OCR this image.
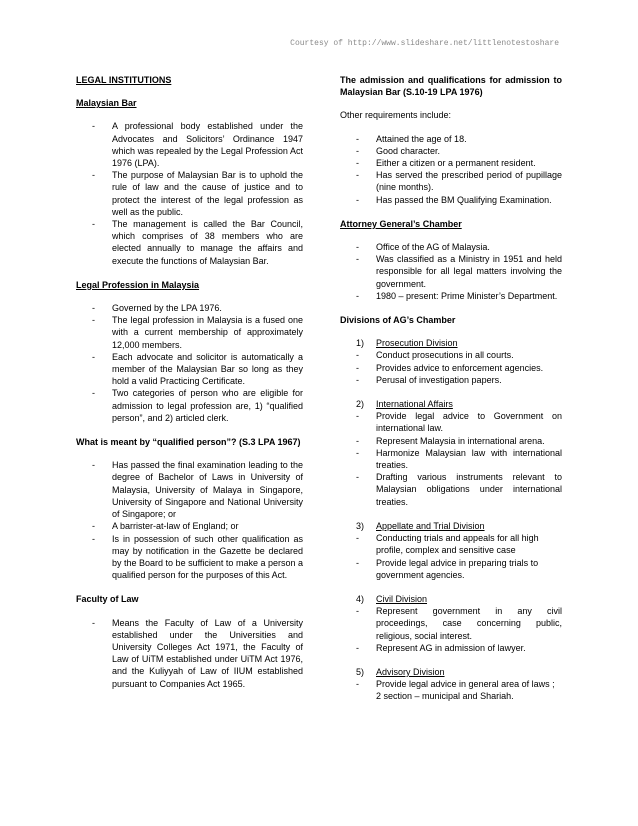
Courtesy of http://www.slideshare.net/littlenotestoshare

LEGAL INSTITUTIONS

Malaysian Bar

- A professional body established under the Advocates and Solicitors’ Ordinance 1947 which was repealed by the Legal Profession Act 1976 (LPA).
- The purpose of Malaysian Bar is to uphold the rule of law and the cause of justice and to protect the interest of the legal profession as well as the public.
- The management is called the Bar Council, which comprises of 38 members who are elected annually to manage the affairs and execute the functions of Malaysian Bar.

Legal Profession in Malaysia

- Governed by the LPA 1976.
- The legal profession in Malaysia is a fused one with a current membership of approximately 12,000 members.
- Each advocate and solicitor is automatically a member of the Malaysian Bar so long as they hold a valid Practicing Certificate.
- Two categories of person who are eligible for admission to legal profession are, 1) “qualified person”, and 2) articled clerk.

What is meant by “qualified person”? (S.3 LPA 1967)

- Has passed the final examination leading to the degree of Bachelor of Laws in University of Malaysia, University of Malaya in Singapore, University of Singapore and National University of Singapore; or
- A barrister-at-law of England; or
- Is in possession of such other qualification as may by notification in the Gazette be declared by the Board to be sufficient to make a person a qualified person for the purposes of this Act.

Faculty of Law

- Means the Faculty of Law of a University established under the Universities and University Colleges Act 1971, the Faculty of Law of UiTM established under UiTM Act 1976, and the Kuliyyah of Law of IIUM established pursuant to Companies Act 1965.

The admission and qualifications for admission to Malaysian Bar (S.10-19 LPA 1976)

Other requirements include:

- Attained the age of 18.
- Good character.
- Either a citizen or a permanent resident.
- Has served the prescribed period of pupillage (nine months).
- Has passed the BM Qualifying Examination.

Attorney General’s Chamber

- Office of the AG of Malaysia.
- Was classified as a Ministry in 1951 and held responsible for all legal matters involving the government.
- 1980 – present: Prime Minister’s Department.

Divisions of AG’s Chamber

1) Prosecution Division
- Conduct prosecutions in all courts.
- Provides advice to enforcement agencies.
- Perusal of investigation papers.
2) International Affairs
- Provide legal advice to Government on international law.
- Represent Malaysia in international arena.
- Harmonize Malaysian law with international treaties.
- Drafting various instruments relevant to Malaysian obligations under international treaties.
3) Appellate and Trial Division
- Conducting trials and appeals for all high profile, complex and sensitive case
- Provide legal advice in preparing trials to government agencies.
4) Civil Division
- Represent government in any civil proceedings, case concerning public, religious, social interest.
- Represent AG in admission of lawyer.
5) Advisory Division
- Provide legal advice in general area of laws ; 2 section – municipal and Shariah.
